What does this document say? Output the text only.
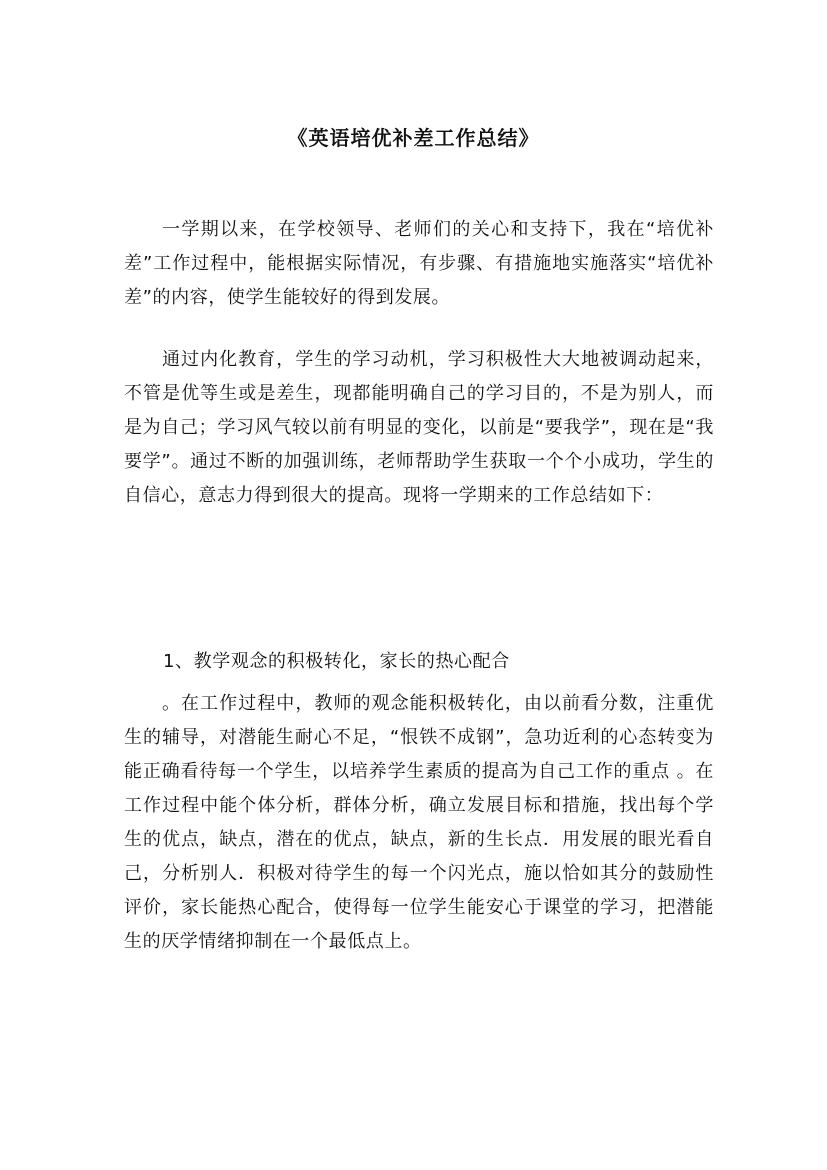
《英语培优补差工作总结》

一学期以来，在学校领导、老师们的关心和支持下，我在“培优补差”工作过程中，能根据实际情况，有步骤、有措施地实施落实“培优补差”的内容，使学生能较好的得到发展。

通过内化教育，学生的学习动机，学习积极性大大地被调动起来，不管是优等生或是差生，现都能明确自己的学习目的，不是为别人，而是为自己；学习风气较以前有明显的变化，以前是“要我学”，现在是“我要学”。通过不断的加强训练，老师帮助学生获取一个个小成功，学生的自信心，意志力得到很大的提高。现将一学期来的工作总结如下：

1、教学观念的积极转化，家长的热心配合

。在工作过程中，教师的观念能积极转化，由以前看分数，注重优生的辅导，对潜能生耐心不足，“恨铁不成钢”，急功近利的心态转变为能正确看待每一个学生，以培养学生素质的提高为自己工作的重点 。在工作过程中能个体分析，群体分析，确立发展目标和措施，找出每个学生的优点，缺点，潜在的优点，缺点，新的生长点．用发展的眼光看自己，分析别人．积极对待学生的每一个闪光点，施以恰如其分的鼓励性评价，家长能热心配合，使得每一位学生能安心于课堂的学习，把潜能生的厌学情绪抑制在一个最低点上。
